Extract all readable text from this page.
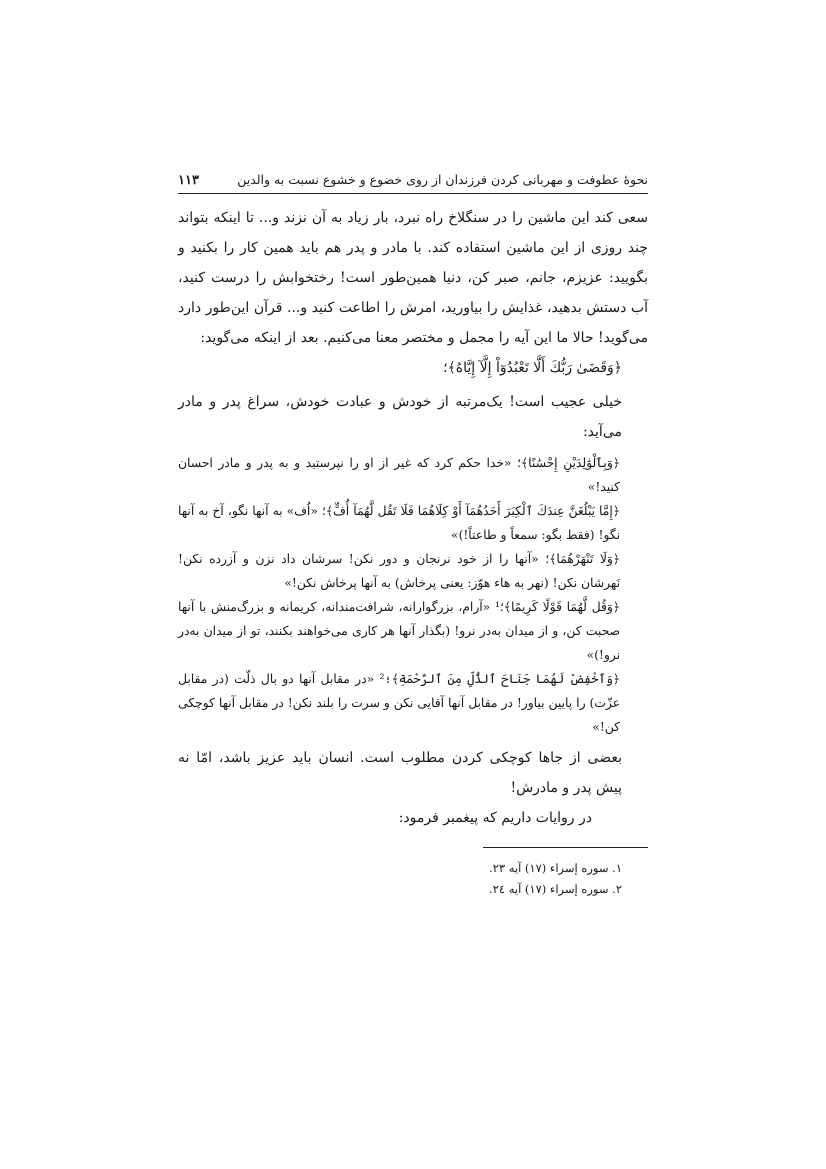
نحوهٔ عطوفت و مهربانی کردن فرزندان از روی خضوع و خشوع نسبت به والدین
١١٣

سعی کند این ماشین را در سنگلاخ راه نبرد، بار زیاد به آن نزند و... تا اینکه بتواند چند روزی از این ماشین استفاده کند. با مادر و پدر هم باید همین کار را بکنید و بگویید: عزیزم، جانم، صبر کن، دنیا همین‌طور است! رختخوابش را درست کنید، آب دستش بدهید، غذایش را بیاورید، امرش را اطاعت کنید و... قرآن این‌طور دارد می‌گوید! حالا ما این آیه را مجمل و مختصر معنا می‌کنیم. بعد از اینکه می‌گوید:

﴿وَقَضَىٰ رَبُّكَ أَلَّا تَعْبُدُوٓاْ إِلَّآ إِيَّاهُ﴾؛

خیلی عجیب است! یک‌مرتبه از خودش و عبادت خودش، سراغ پدر و مادر می‌آید:

﴿وَبِٱلْوَٰلِدَيْنِ إِحْسَٰنًا﴾؛ «خدا حکم کرد که غیر از او را نپرستید و به پدر و مادر احسان کنید!»

﴿إِمَّا يَبْلُغَنَّ عِندَكَ ٱلْكِبَرَ أَحَدُهُمَآ أَوْ كِلَاهُمَا فَلَا تَقُل لَّهُمَآ أُفٍّ﴾؛ «اُف» به آنها نگو، آخ به آنها نگو! (فقط بگو: سمعاً و طاعتاً!)»

﴿وَلَا تَنْهَرْهُمَا﴾؛ «آنها را از خود نرنجان و دور نکن! سرشان داد نزن و آزرده نکن! نَهرشان نکن! (نهر به هاء هوّز: یعنی پرخاش) به آنها پرخاش نکن!»

﴿وَقُل لَّهُمَا قَوْلًا كَرِيمًا﴾؛¹ «آرام، بزرگوارانه، شرافت‌مندانه، کریمانه و بزرگ‌منش با آنها صحبت کن، و از میدان به‌در نرو! (بگذار آنها هر کاری می‌خواهند بکنند، تو از میدان به‌در نرو!)»

﴿وَٱخْفِضْ لَهُمَا جَنَاحَ ٱلذُّلِّ مِنَ ٱلرَّحْمَةِ﴾؛² «در مقابل آنها دو بال ذلّت (در مقابل عزّت) را پایین بیاور! در مقابل آنها آقایی نکن و سرت را بلند نکن! در مقابل آنها کوچکی کن!»

بعضی از جاها کوچکی کردن مطلوب است. انسان باید عزیز باشد، امّا نه پیش پدر و مادرش!

در روایات داریم که پیغمبر فرمود:

۱. سوره إسراء (۱۷) آیه ۲۳.

۲. سوره إسراء (۱۷) آیه ۲٤.
